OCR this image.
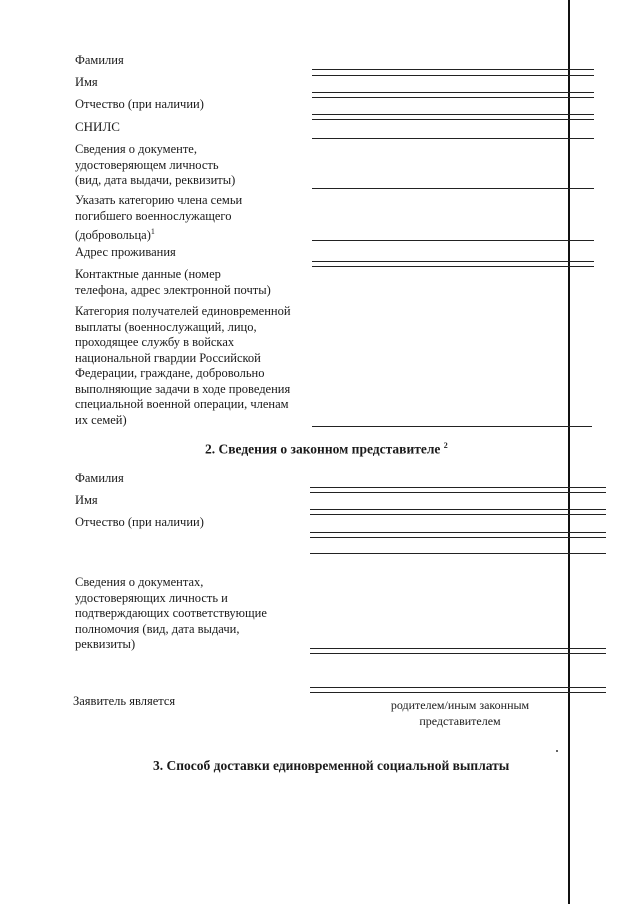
Фамилия
Имя
Отчество (при наличии)
СНИЛС
Сведения о документе,
удостоверяющем личность
(вид, дата выдачи, реквизиты)
Указать категорию члена семьи
погибшего военнослужащего
(добровольца)$^1$
Адрес проживания
Контактные данные (номер
телефона, адрес электронной почты)
Категория получателей единовременной
выплаты (военнослужащий, лицо,
проходящее службу в войсках
национальной гвардии Российской
Федерации, граждане, добровольно
выполняющие задачи в ходе проведения
специальной военной операции, членам
их семей)
2. Сведения о законном представителе $^2$
Фамилия
Имя
Отчество (при наличии)
Сведения о документах,
удостоверяющих личность и
подтверждающих соответствующие
полномочия (вид, дата выдачи,
реквизиты)
Заявитель является	родителем/иным законным
представителем
3. Способ доставки единовременной социальной выплаты
